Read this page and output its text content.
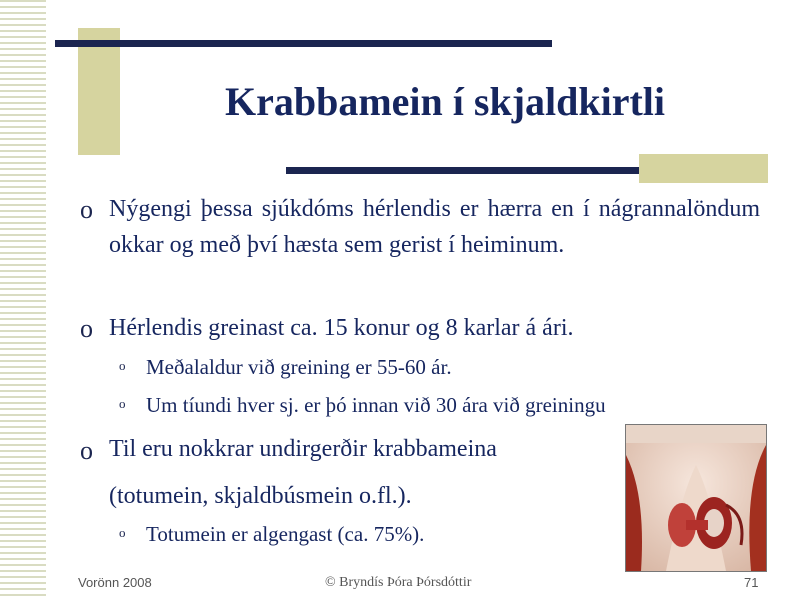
Krabbamein í skjaldkirtli
o Nýgengi þessa sjúkdóms hérlendis er hærra en í nágrannalöndum okkar og með því hæsta sem gerist í heiminum.
o Hérlendis greinast ca. 15 konur og 8 karlar á ári.
o Meðalaldur við greining er 55-60 ár.
o Um tíundi hver sj. er þó innan við 30 ára við greiningu
o Til eru nokkrar undirgerðir krabbameina
(totumein, skjaldbúsmein o.fl.).
o Totumein er algengast (ca. 75%).
Vorönn 2008	© Bryndís Þóra Þórsdóttir	71
